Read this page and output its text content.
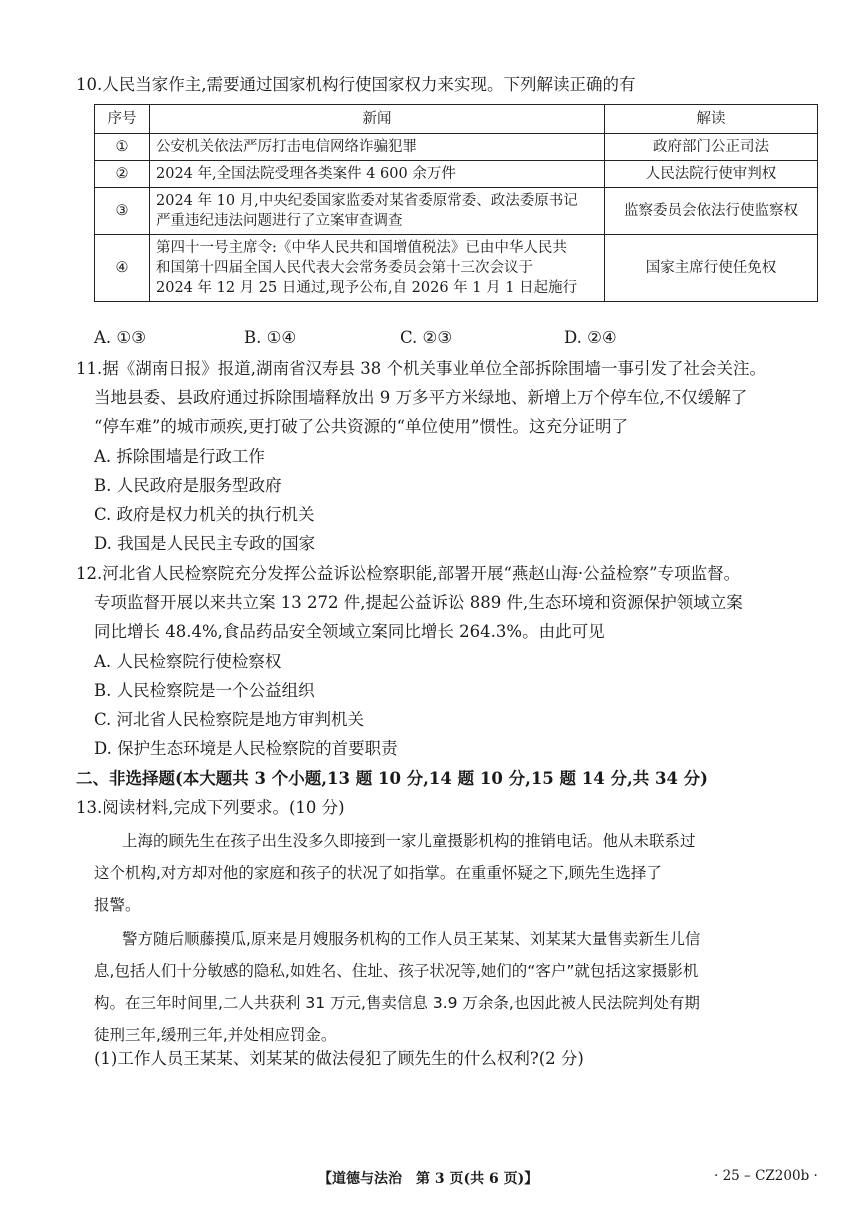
10.人民当家作主,需要通过国家机构行使国家权力来实现。下列解读正确的有
序号	新闻	解读
①	公安机关依法严厉打击电信网络诈骗犯罪	政府部门公正司法
②	2024 年,全国法院受理各类案件 4 600 余万件	人民法院行使审判权
③	2024 年 10 月,中央纪委国家监委对某省委原常委、政法委原书记
严重违纪违法问题进行了立案审查调查	监察委员会依法行使监察权
④	第四十一号主席令:《中华人民共和国增值税法》已由中华人民共
和国第十四届全国人民代表大会常务委员会第十三次会议于
2024 年 12 月 25 日通过,现予公布,自 2026 年 1 月 1 日起施行	国家主席行使任免权
A. ①③	B. ①④	C. ②③	D. ②④
11.据《湖南日报》报道,湖南省汉寿县 38 个机关事业单位全部拆除围墙一事引发了社会关注。
当地县委、县政府通过拆除围墙释放出 9 万多平方米绿地、新增上万个停车位,不仅缓解了
“停车难”的城市顽疾,更打破了公共资源的“单位使用”惯性。这充分证明了
A. 拆除围墙是行政工作
B. 人民政府是服务型政府
C. 政府是权力机关的执行机关
D. 我国是人民民主专政的国家
12.河北省人民检察院充分发挥公益诉讼检察职能,部署开展“燕赵山海·公益检察”专项监督。
专项监督开展以来共立案 13 272 件,提起公益诉讼 889 件,生态环境和资源保护领域立案
同比增长 48.4%,食品药品安全领域立案同比增长 264.3%。由此可见
A. 人民检察院行使检察权
B. 人民检察院是一个公益组织
C. 河北省人民检察院是地方审判机关
D. 保护生态环境是人民检察院的首要职责
二、非选择题(本大题共 3 个小题,13 题 10 分,14 题 10 分,15 题 14 分,共 34 分)
13.阅读材料,完成下列要求。(10 分)
上海的顾先生在孩子出生没多久即接到一家儿童摄影机构的推销电话。他从未联系过
这个机构,对方却对他的家庭和孩子的状况了如指掌。在重重怀疑之下,顾先生选择了
报警。
警方随后顺藤摸瓜,原来是月嫂服务机构的工作人员王某某、刘某某大量售卖新生儿信
息,包括人们十分敏感的隐私,如姓名、住址、孩子状况等,她们的“客户”就包括这家摄影机
构。在三年时间里,二人共获利 31 万元,售卖信息 3.9 万余条,也因此被人民法院判处有期
徒刑三年,缓刑三年,并处相应罚金。
(1)工作人员王某某、刘某某的做法侵犯了顾先生的什么权利?(2 分)
【道德与法治　第 3 页(共 6 页)】	· 25 – CZ200b ·
